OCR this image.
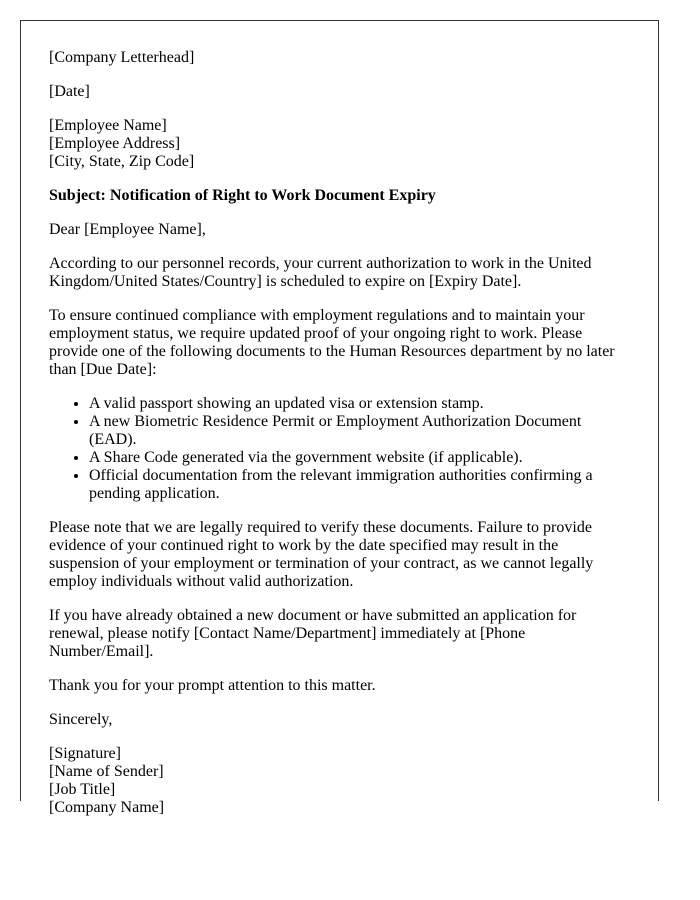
[Company Letterhead]

[Date]

[Employee Name]
[Employee Address]
[City, State, Zip Code]

Subject: Notification of Right to Work Document Expiry

Dear [Employee Name],

According to our personnel records, your current authorization to work in the United Kingdom/United States/Country] is scheduled to expire on [Expiry Date].

To ensure continued compliance with employment regulations and to maintain your employment status, we require updated proof of your ongoing right to work. Please provide one of the following documents to the Human Resources department by no later than [Due Date]:

• A valid passport showing an updated visa or extension stamp.
• A new Biometric Residence Permit or Employment Authorization Document (EAD).
• A Share Code generated via the government website (if applicable).
• Official documentation from the relevant immigration authorities confirming a pending application.

Please note that we are legally required to verify these documents. Failure to provide evidence of your continued right to work by the date specified may result in the suspension of your employment or termination of your contract, as we cannot legally employ individuals without valid authorization.

If you have already obtained a new document or have submitted an application for renewal, please notify [Contact Name/Department] immediately at [Phone Number/Email].

Thank you for your prompt attention to this matter.

Sincerely,

[Signature]
[Name of Sender]
[Job Title]
[Company Name]
